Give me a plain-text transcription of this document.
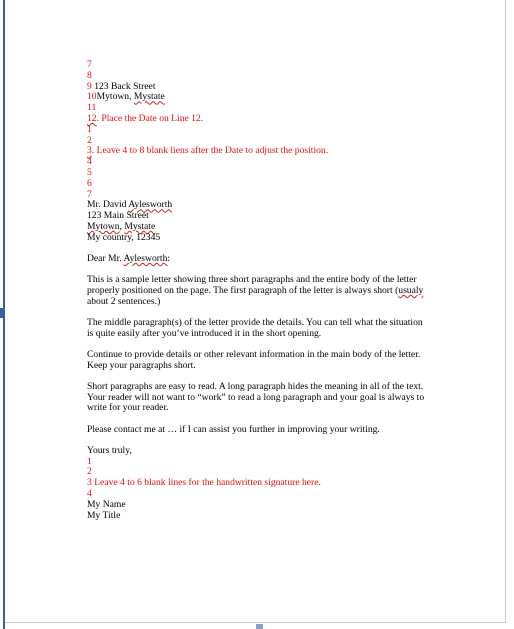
7
8
9 123 Back Street
10Mytown, Mystate
11
12. Place the Date on Line 12.
1
2
3. Leave 4 to 8 blank liens after the Date to adjust the position.
4
5
6
7
Mr. David Aylesworth
123 Main Street
Mytown, Mystate
My country, 12345
Dear Mr. Aylesworth:
This is a sample letter showing three short paragraphs and the entire body of the letter
properly positioned on the page. The first paragraph of the letter is always short (usualy
about 2 sentences.)
The middle paragraph(s) of the letter provide the details. You can tell what the situation
is quite easily after you’ve introduced it in the short opening.
Continue to provide details or other relevant information in the main body of the letter.
Keep your paragraphs short.
Short paragraphs are easy to read. A long paragraph hides the meaning in all of the text.
Your reader will not want to “work” to read a long paragraph and your goal is always to
write for your reader.
Please contact me at … if I can assist you further in improving your writing.
Yours truly,
1
2
3 Leave 4 to 6 blank lines for the handwritten signature here.
4
My Name
My Title
